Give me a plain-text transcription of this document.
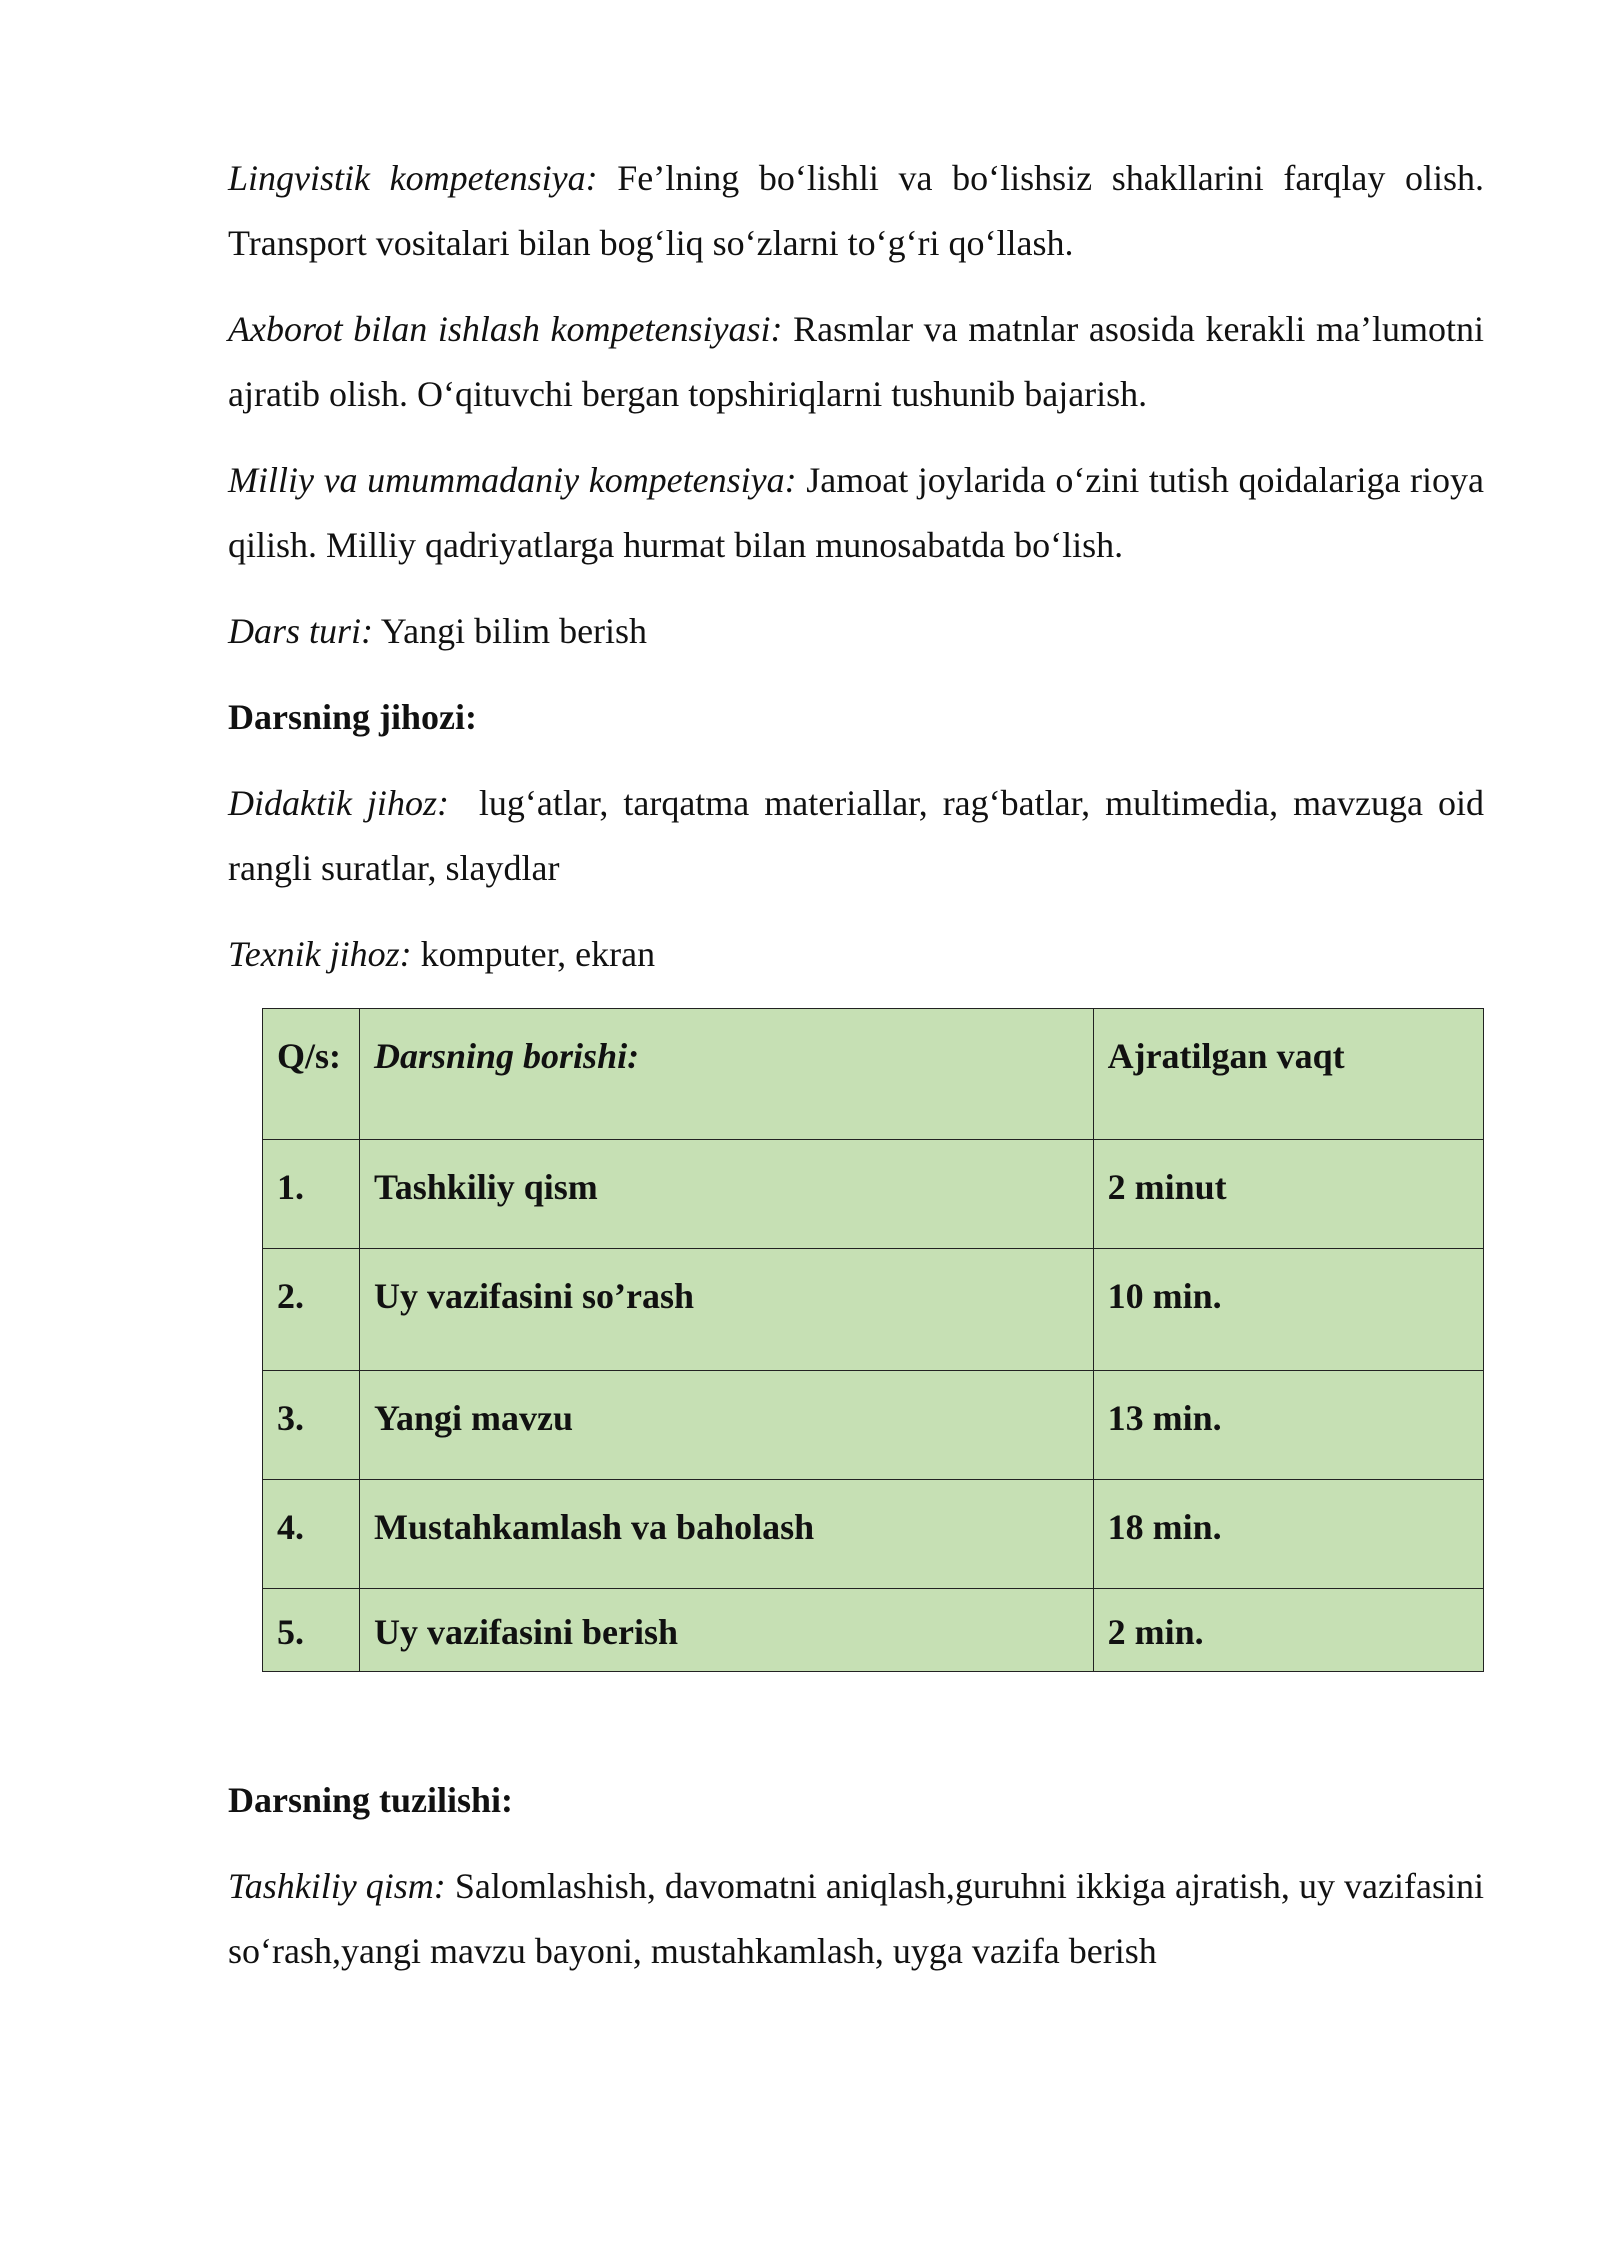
Lingvistik kompetensiya: Fe’lning bo‘lishli va bo‘lishsiz shakllarini farqlay olish. Transport vositalari bilan bog‘liq so‘zlarni to‘g‘ri qo‘llash.

Axborot bilan ishlash kompetensiyasi: Rasmlar va matnlar asosida kerakli ma’lumotni ajratib olish. O‘qituvchi bergan topshiriqlarni tushunib bajarish.

Milliy va umummadaniy kompetensiya: Jamoat joylarida o‘zini tutish qoidalariga rioya qilish. Milliy qadriyatlarga hurmat bilan munosabatda bo‘lish.

Dars turi: Yangi bilim berish

Darsning jihozi:

Didaktik jihoz:  lug‘atlar, tarqatma materiallar, rag‘batlar, multimedia, mavzuga oid rangli suratlar, slaydlar

Texnik jihoz: komputer, ekran

Q/s:	Darsning borishi:	Ajratilgan vaqt
1.	Tashkiliy qism	2 minut
2.	Uy vazifasini so’rash	10 min.
3.	Yangi mavzu	13 min.
4.	Mustahkamlash va baholash	18 min.
5.	Uy vazifasini berish	2 min.

Darsning tuzilishi:

Tashkiliy qism: Salomlashish, davomatni aniqlash,guruhni ikkiga ajratish, uy vazifasini so‘rash,yangi mavzu bayoni, mustahkamlash, uyga vazifa berish
